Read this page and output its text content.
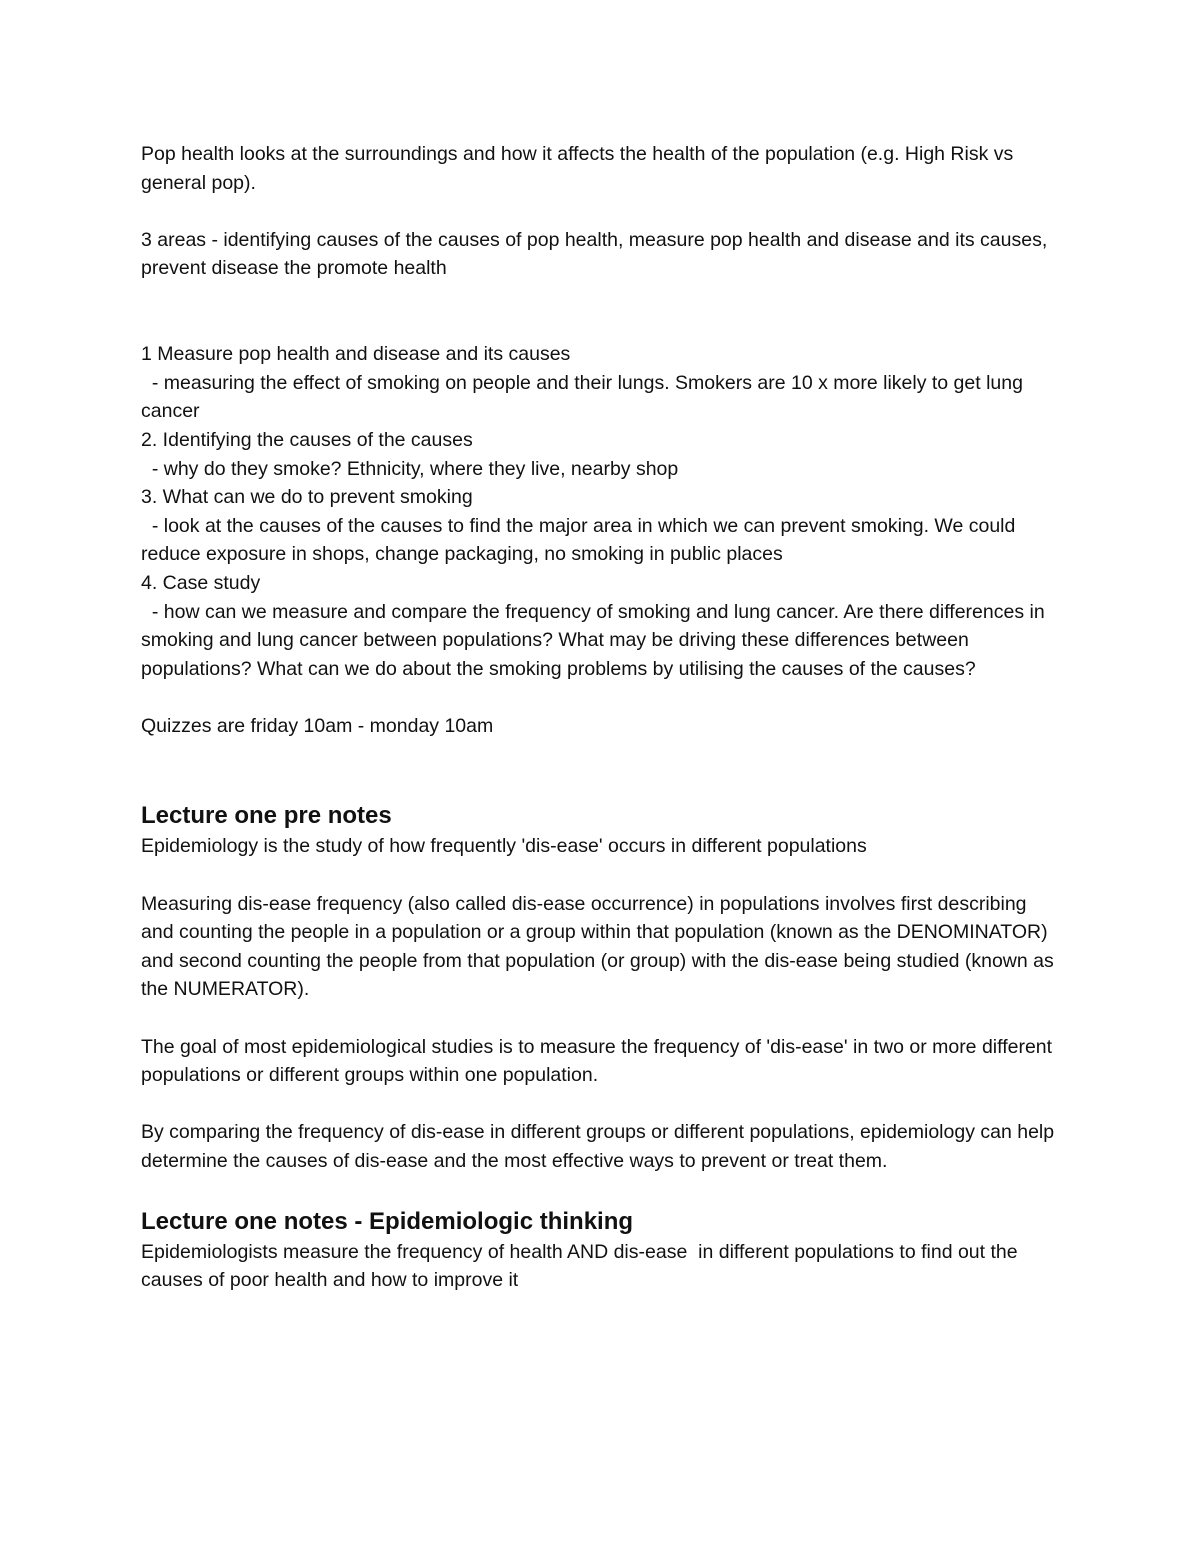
Pop health looks at the surroundings and how it affects the health of the population (e.g. High Risk vs general pop).

3 areas - identifying causes of the causes of pop health, measure pop health and disease and its causes, prevent disease the promote health

1 Measure pop health and disease and its causes

- measuring the effect of smoking on people and their lungs. Smokers are 10 x more likely to get lung cancer

2. Identifying the causes of the causes

- why do they smoke? Ethnicity, where they live, nearby shop

3. What can we do to prevent smoking

- look at the causes of the causes to find the major area in which we can prevent smoking. We could reduce exposure in shops, change packaging, no smoking in public places

4. Case study

- how can we measure and compare the frequency of smoking and lung cancer. Are there differences in smoking and lung cancer between populations? What may be driving these differences between populations? What can we do about the smoking problems by utilising the causes of the causes?

Quizzes are friday 10am - monday 10am

Lecture one pre notes

Epidemiology is the study of how frequently 'dis-ease' occurs in different populations

Measuring dis-ease frequency (also called dis-ease occurrence) in populations involves first describing and counting the people in a population or a group within that population (known as the DENOMINATOR) and second counting the people from that population (or group) with the dis-ease being studied (known as the NUMERATOR).

The goal of most epidemiological studies is to measure the frequency of 'dis-ease' in two or more different populations or different groups within one population.

By comparing the frequency of dis-ease in different groups or different populations, epidemiology can help determine the causes of dis-ease and the most effective ways to prevent or treat them.

Lecture one notes - Epidemiologic thinking

Epidemiologists measure the frequency of health AND dis-ease  in different populations to find out the causes of poor health and how to improve it
